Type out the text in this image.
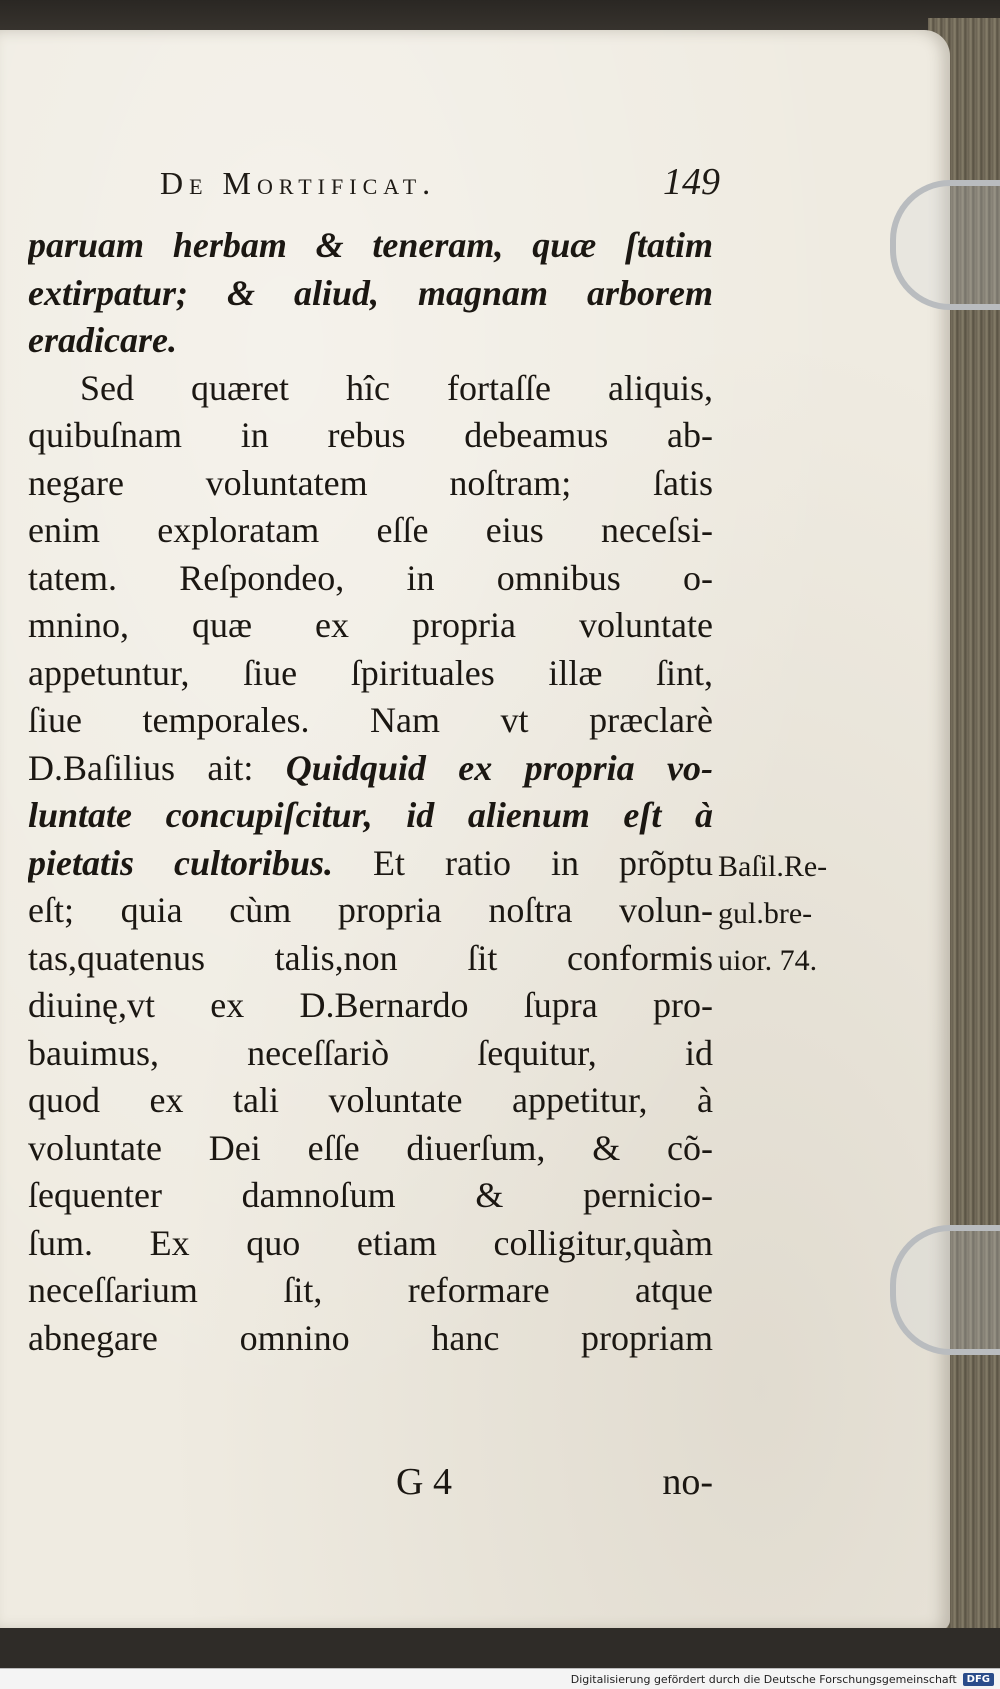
De Mortificat.	149
paruam herbam & teneram, quæ ſtatim
extirpatur; & aliud, magnam arborem
eradicare.
Sed quæret hîc fortaſſe aliquis,
quibuſnam in rebus debeamus ab-
negare voluntatem noſtram; ſatis
enim exploratam eſſe eius neceſsi-
tatem. Reſpondeo, in omnibus o-
mnino, quæ ex propria voluntate
appetuntur, ſiue ſpirituales illæ ſint,
ſiue temporales. Nam vt præclarè
D.Baſilius ait: Quidquid ex propria vo-
luntate concupiſcitur, id alienum eſt à
pietatis cultoribus. Et ratio in prõptu
eſt; quia cùm propria noſtra volun-
tas,quatenus talis,non ſit conformis
diuinę,vt ex D.Bernardo ſupra pro-
bauimus, neceſſariò ſequitur, id
quod ex tali voluntate appetitur, à
voluntate Dei eſſe diuerſum, & cõ-
ſequenter damnoſum & pernicio-
ſum. Ex quo etiam colligitur,quàm
neceſſarium ſit, reformare atque
abnegare omnino hanc propriam
Baſil.Re-
gul.bre-
uior. 74.
G 4	no-
Digitalisierung gefördert durch die Deutsche Forschungsgemeinschaft	DFG
